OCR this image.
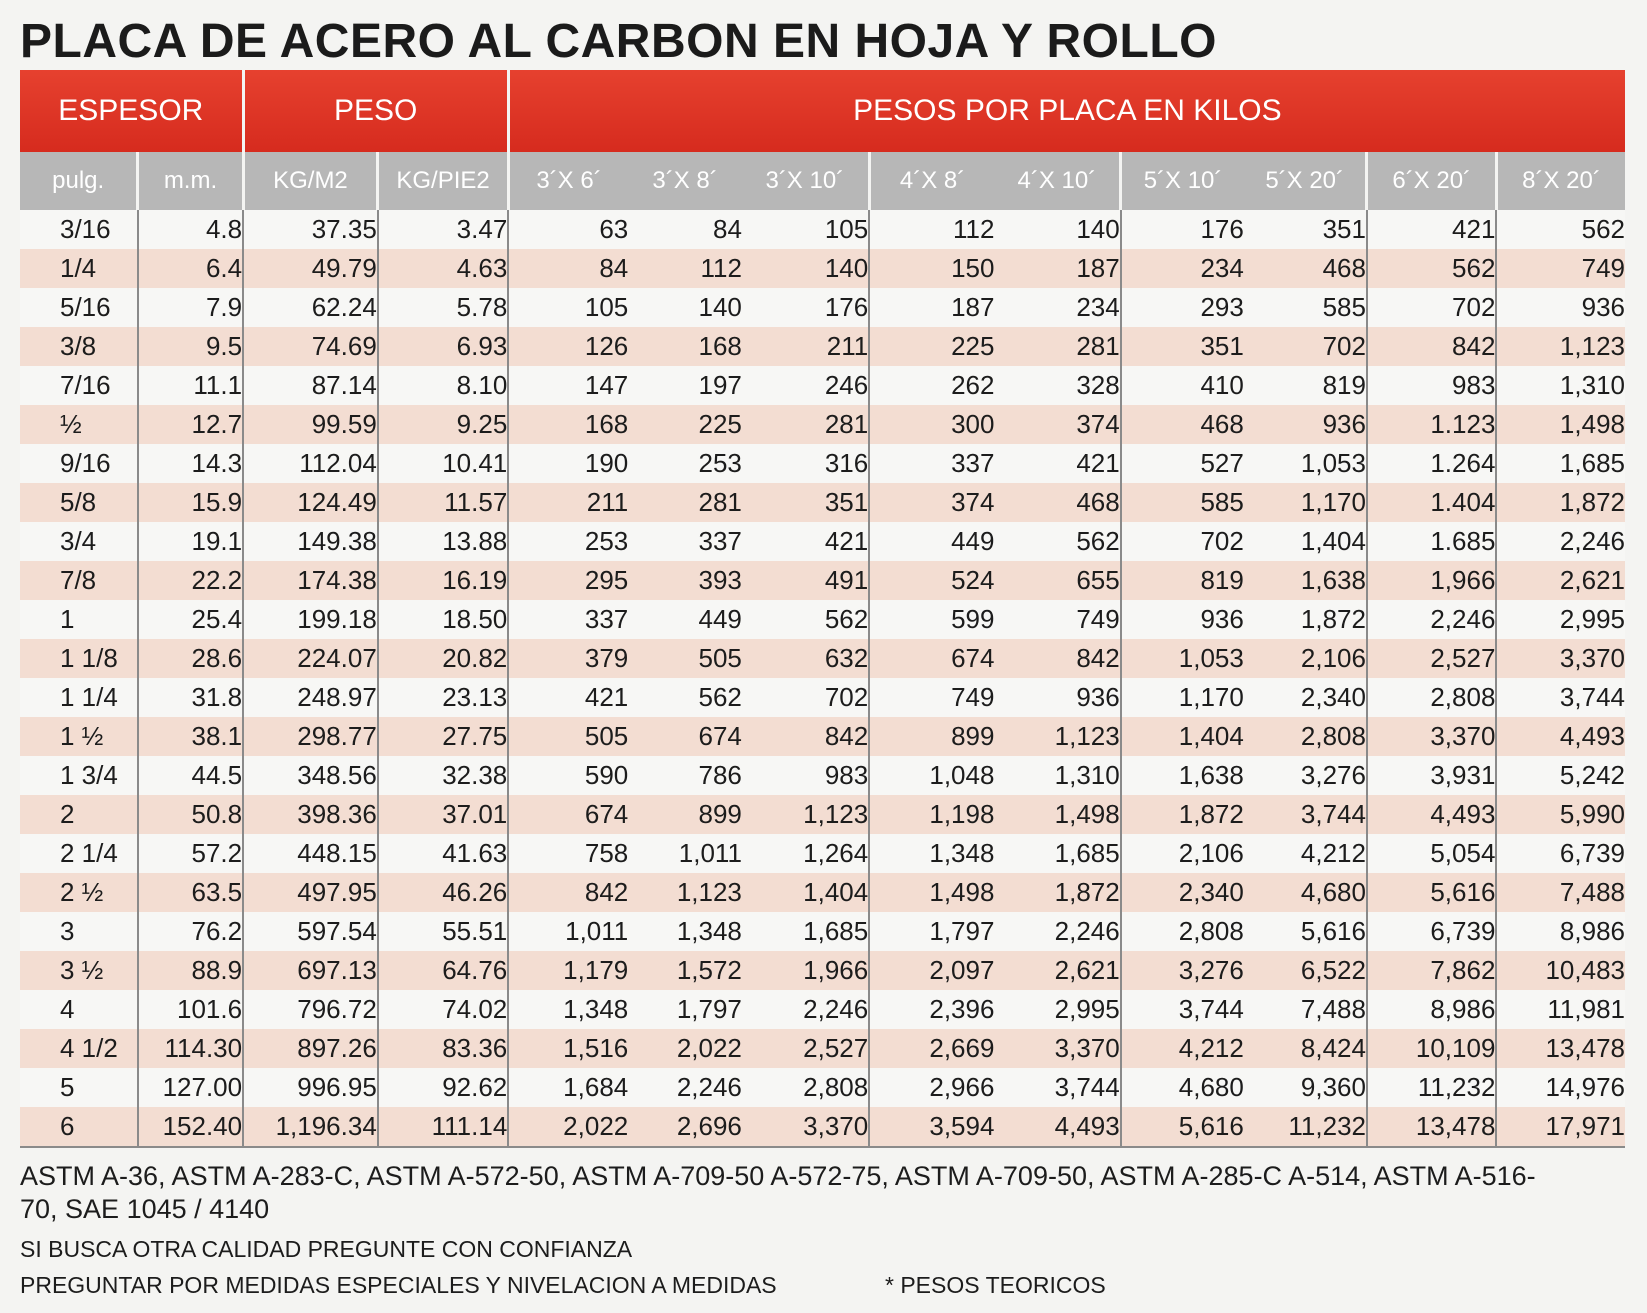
PLACA DE ACERO AL CARBON EN HOJA Y ROLLO
ESPESOR		PESO		PESOS POR PLACA EN KILOS								
pulg.	m.m.	KG/M2	KG/PIE2	3´X 6´	3´X 8´	3´X 10´	4´X 8´	4´X 10´	5´X 10´	5´X 20´	6´X 20´	8´X 20´
3/16	4.8	37.35	3.47	63	84	105	112	140	176	351	421	562
1/4	6.4	49.79	4.63	84	112	140	150	187	234	468	562	749
5/16	7.9	62.24	5.78	105	140	176	187	234	293	585	702	936
3/8	9.5	74.69	6.93	126	168	211	225	281	351	702	842	1,123
7/16	11.1	87.14	8.10	147	197	246	262	328	410	819	983	1,310
½	12.7	99.59	9.25	168	225	281	300	374	468	936	1.123	1,498
9/16	14.3	112.04	10.41	190	253	316	337	421	527	1,053	1.264	1,685
5/8	15.9	124.49	11.57	211	281	351	374	468	585	1,170	1.404	1,872
3/4	19.1	149.38	13.88	253	337	421	449	562	702	1,404	1.685	2,246
7/8	22.2	174.38	16.19	295	393	491	524	655	819	1,638	1,966	2,621
1	25.4	199.18	18.50	337	449	562	599	749	936	1,872	2,246	2,995
1 1/8	28.6	224.07	20.82	379	505	632	674	842	1,053	2,106	2,527	3,370
1 1/4	31.8	248.97	23.13	421	562	702	749	936	1,170	2,340	2,808	3,744
1 ½	38.1	298.77	27.75	505	674	842	899	1,123	1,404	2,808	3,370	4,493
1 3/4	44.5	348.56	32.38	590	786	983	1,048	1,310	1,638	3,276	3,931	5,242
2	50.8	398.36	37.01	674	899	1,123	1,198	1,498	1,872	3,744	4,493	5,990
2 1/4	57.2	448.15	41.63	758	1,011	1,264	1,348	1,685	2,106	4,212	5,054	6,739
2 ½	63.5	497.95	46.26	842	1,123	1,404	1,498	1,872	2,340	4,680	5,616	7,488
3	76.2	597.54	55.51	1,011	1,348	1,685	1,797	2,246	2,808	5,616	6,739	8,986
3 ½	88.9	697.13	64.76	1,179	1,572	1,966	2,097	2,621	3,276	6,522	7,862	10,483
4	101.6	796.72	74.02	1,348	1,797	2,246	2,396	2,995	3,744	7,488	8,986	11,981
4 1/2	114.30	897.26	83.36	1,516	2,022	2,527	2,669	3,370	4,212	8,424	10,109	13,478
5	127.00	996.95	92.62	1,684	2,246	2,808	2,966	3,744	4,680	9,360	11,232	14,976
6	152.40	1,196.34	111.14	2,022	2,696	3,370	3,594	4,493	5,616	11,232	13,478	17,971
ASTM A-36, ASTM A-283-C, ASTM A-572-50, ASTM A-709-50 A-572-75, ASTM A-709-50, ASTM A-285-C A-514, ASTM A-516-70, SAE 1045 / 4140
SI BUSCA OTRA CALIDAD PREGUNTE CON CONFIANZA
PREGUNTAR POR MEDIDAS ESPECIALES Y NIVELACION A MEDIDAS	* PESOS TEORICOS
